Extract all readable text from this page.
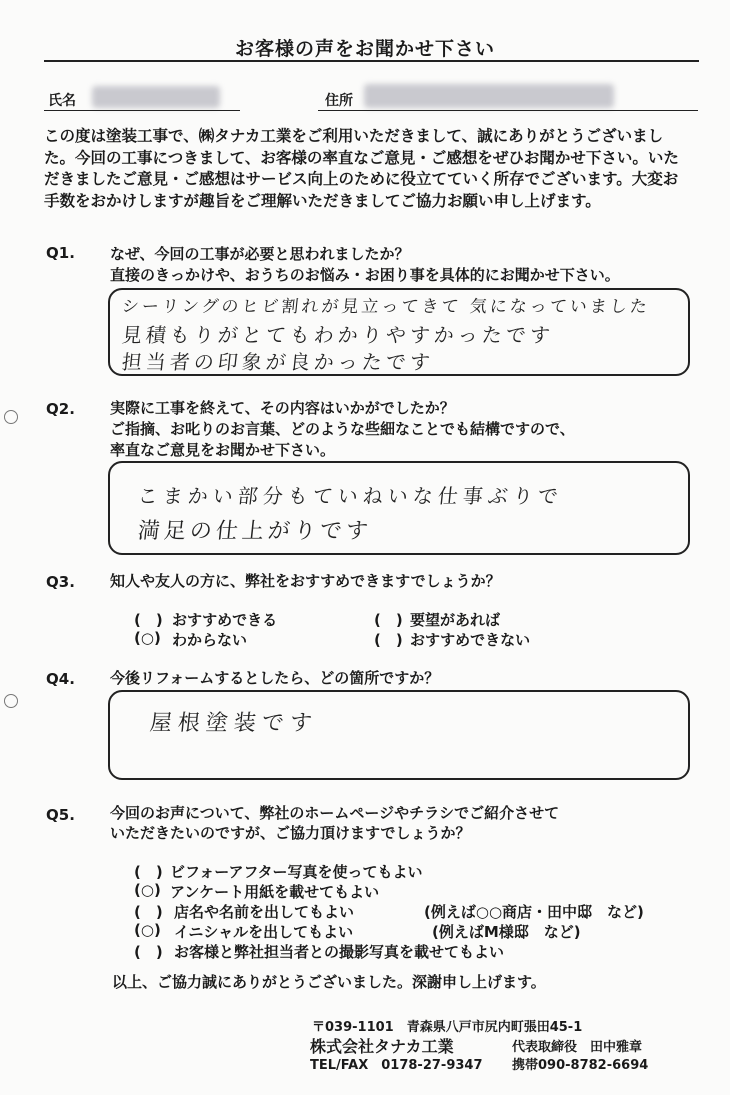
お客様の声をお聞かせ下さい
氏名	住所
この度は塗装工事で、㈱タナカ工業をご利用いただきまして、誠にありがとうございました。今回の工事につきまして、お客様の率直なご意見・ご感想をぜひお聞かせ下さい。いただきましたご意見・ご感想はサービス向上のために役立てていく所存でございます。大変お手数をおかけしますが趣旨をご理解いただきましてご協力お願い申し上げます。
Q1. なぜ、今回の工事が必要と思われましたか？
直接のきっかけや、おうちのお悩み・お困り事を具体的にお聞かせ下さい。
シーリングのヒビ割れが見立ってきて 気になっていました
見積もりがとてもわかりやすかったです
担当者の印象が良かったです
Q2. 実際に工事を終えて、その内容はいかがでしたか？
ご指摘、お叱りのお言葉、どのような些細なことでも結構ですので、
率直なご意見をお聞かせ下さい。
こまかい部分もていねいな仕事ぶりで
満足の仕上がりです
Q3. 知人や友人の方に、弊社をおすすめできますでしょうか？
(　) おすすめできる	(　) 要望があれば
(○) わからない	(　) おすすめできない
Q4. 今後リフォームするとしたら、どの箇所ですか？
屋根塗装です
Q5. 今回のお声について、弊社のホームページやチラシでご紹介させて
いただきたいのですが、ご協力頂けますでしょうか？
(　) ビフォーアフター写真を使ってもよい
(○) アンケート用紙を載せてもよい
(　) 店名や名前を出してもよい	(例えば○○商店・田中邸　など)
(○) イニシャルを出してもよい	(例えばM様邸　など)
(　) お客様と弊社担当者との撮影写真を載せてもよい
以上、ご協力誠にありがとうございました。深謝申し上げます。
〒039-1101　青森県八戸市尻内町張田45-1
株式会社タナカ工業	代表取締役　田中雅章
TEL/FAX　0178-27-9347 携帯090-8782-6694
